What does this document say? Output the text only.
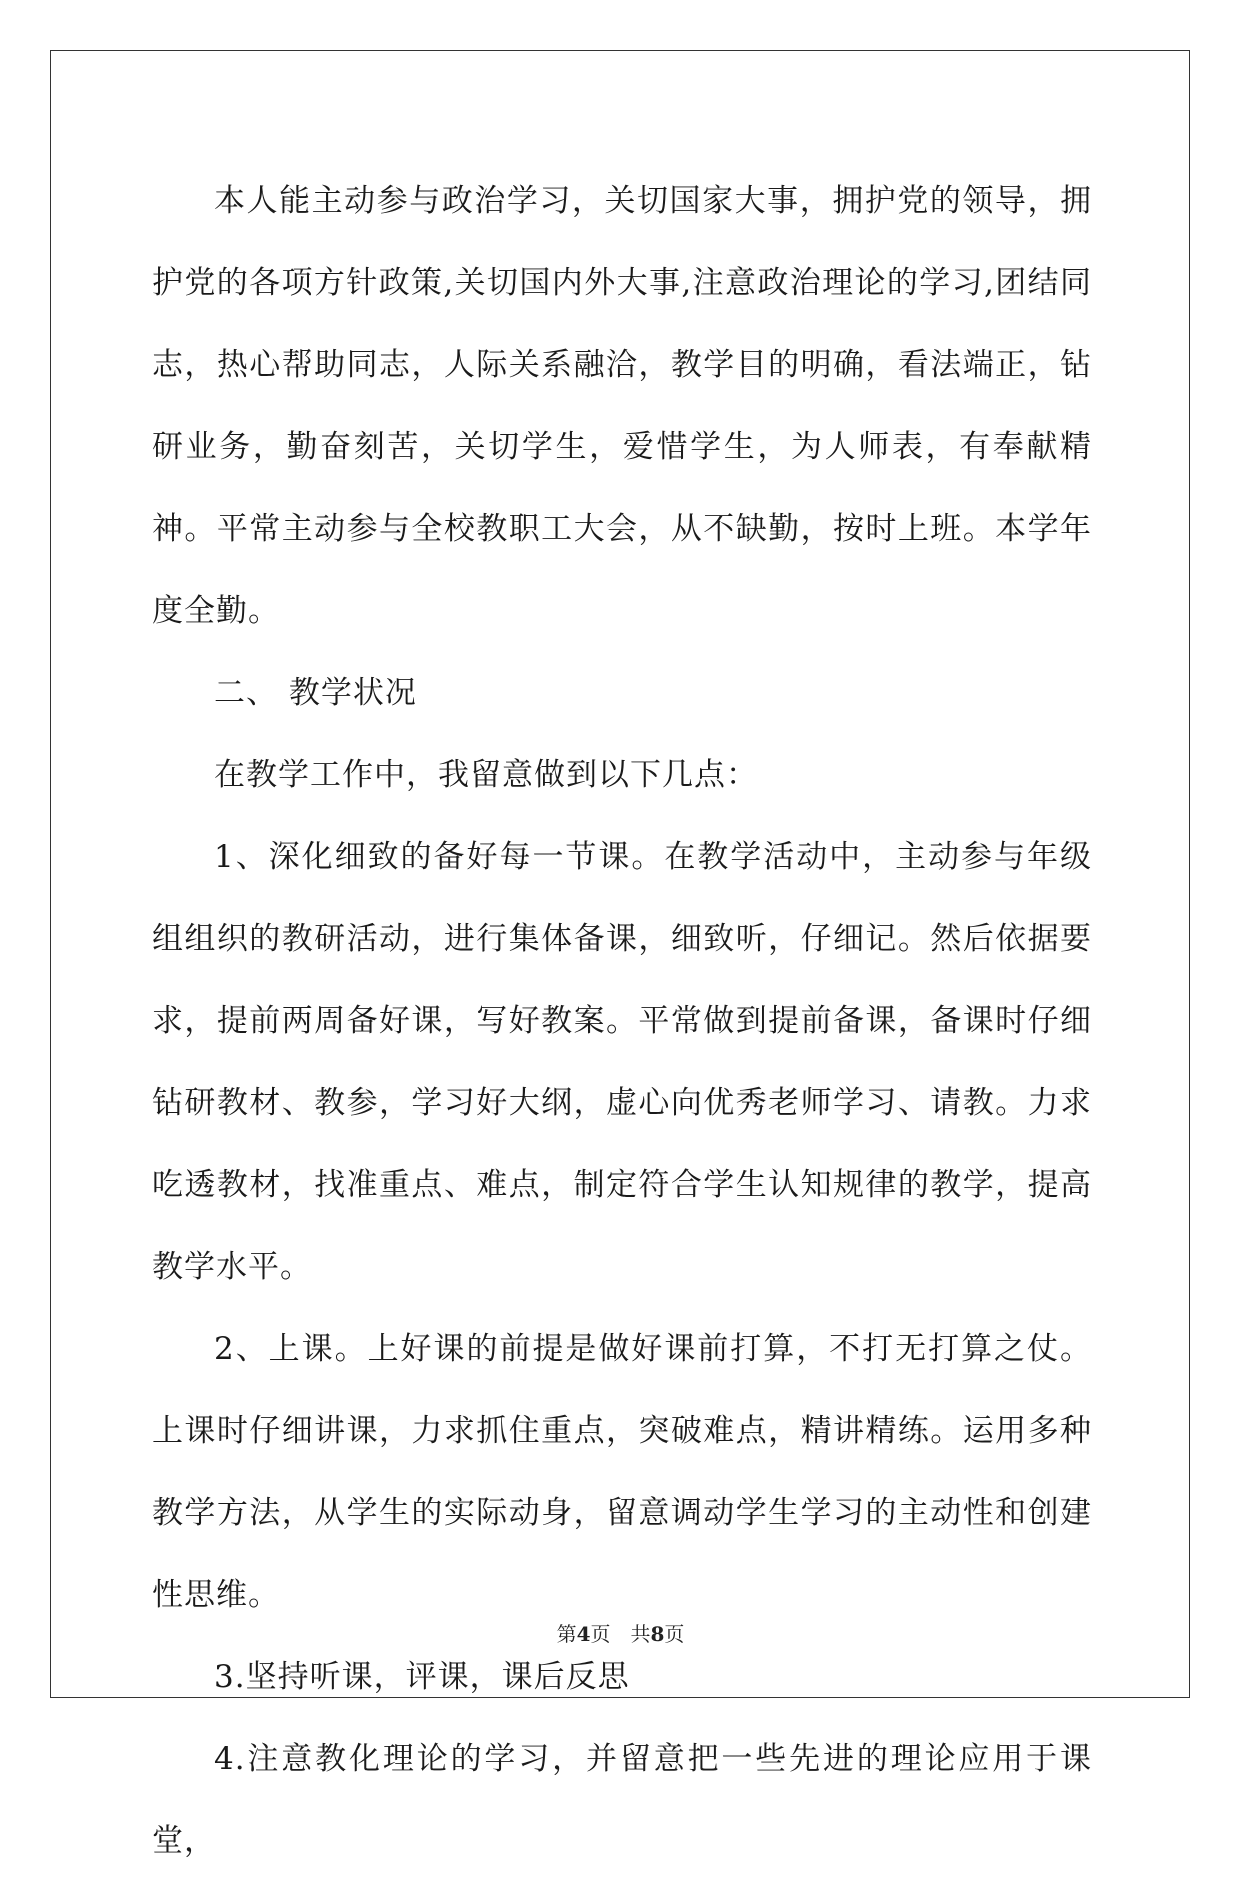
本人能主动参与政治学习，关切国家大事，拥护党的领导，拥护党的各项方针政策,关切国内外大事,注意政治理论的学习,团结同志，热心帮助同志，人际关系融洽，教学目的明确，看法端正，钻研业务，勤奋刻苦，关切学生，爱惜学生，为人师表，有奉献精神。平常主动参与全校教职工大会，从不缺勤，按时上班。本学年度全勤。

二、 教学状况

在教学工作中，我留意做到以下几点：

1、深化细致的备好每一节课。在教学活动中，主动参与年级组组织的教研活动，进行集体备课，细致听，仔细记。然后依据要求，提前两周备好课，写好教案。平常做到提前备课，备课时仔细钻研教材、教参，学习好大纲，虚心向优秀老师学习、请教。力求吃透教材，找准重点、难点，制定符合学生认知规律的教学，提高教学水平。

2、上课。上好课的前提是做好课前打算，不打无打算之仗。上课时仔细讲课，力求抓住重点，突破难点，精讲精练。运用多种教学方法，从学生的实际动身，留意调动学生学习的主动性和创建性思维。

3.坚持听课，评课，课后反思

4.注意教化理论的学习，并留意把一些先进的理论应用于课堂，

第4页　共8页
